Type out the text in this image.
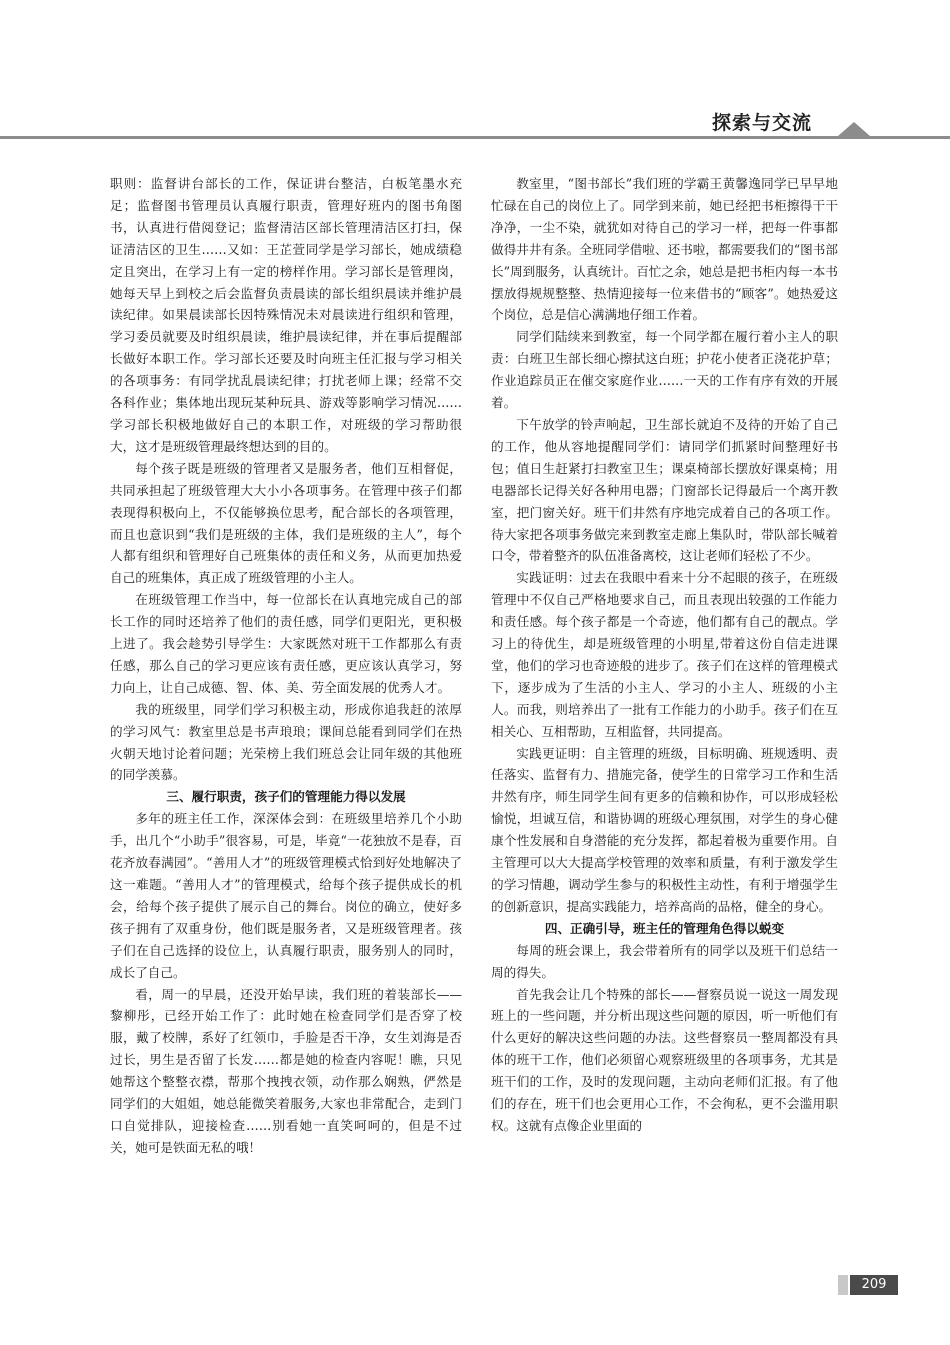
探索与交流

职则：监督讲台部长的工作，保证讲台整洁，白板笔墨水充足；监督图书管理员认真履行职责，管理好班内的图书角图书，认真进行借阅登记；监督清洁区部长管理清洁区打扫，保证清洁区的卫生……又如：王芷萱同学是学习部长，她成绩稳定且突出，在学习上有一定的榜样作用。学习部长是管理岗，她每天早上到校之后会监督负责晨读的部长组织晨读并维护晨读纪律。如果晨读部长因特殊情况未对晨读进行组织和管理，学习委员就要及时组织晨读，维护晨读纪律，并在事后提醒部长做好本职工作。学习部长还要及时向班主任汇报与学习相关的各项事务：有同学扰乱晨读纪律；打扰老师上课；经常不交各科作业；集体地出现玩某种玩具、游戏等影响学习情况……学习部长积极地做好自己的本职工作，对班级的学习帮助很大，这才是班级管理最终想达到的目的。

每个孩子既是班级的管理者又是服务者，他们互相督促，共同承担起了班级管理大大小小各项事务。在管理中孩子们都表现得积极向上，不仅能够换位思考，配合部长的各项管理，而且也意识到“我们是班级的主体，我们是班级的主人”，每个人都有组织和管理好自己班集体的责任和义务，从而更加热爱自己的班集体，真正成了班级管理的小主人。

在班级管理工作当中，每一位部长在认真地完成自己的部长工作的同时还培养了他们的责任感，同学们更阳光，更积极上进了。我会趁势引导学生：大家既然对班干工作都那么有责任感，那么自己的学习更应该有责任感，更应该认真学习，努力向上，让自己成德、智、体、美、劳全面发展的优秀人才。

我的班级里，同学们学习积极主动，形成你追我赶的浓厚的学习风气：教室里总是书声琅琅；课间总能看到同学们在热火朝天地讨论着问题；光荣榜上我们班总会让同年级的其他班的同学羡慕。

三、履行职责，孩子们的管理能力得以发展

多年的班主任工作，深深体会到：在班级里培养几个小助手，出几个“小助手”很容易，可是，毕竟“一花独放不是春，百花齐放春满园”。“善用人才”的班级管理模式恰到好处地解决了这一难题。“善用人才”的管理模式，给每个孩子提供成长的机会，给每个孩子提供了展示自己的舞台。岗位的确立，使好多孩子拥有了双重身份，他们既是服务者，又是班级管理者。孩子们在自己选择的设位上，认真履行职责，服务别人的同时，成长了自己。

看，周一的早晨，还没开始早读，我们班的着装部长——黎柳彤，已经开始工作了：此时她在检查同学们是否穿了校服，戴了校牌，系好了红领巾，手脸是否干净，女生刘海是否过长，男生是否留了长发……都是她的检查内容呢！瞧，只见她帮这个整整衣襟，帮那个拽拽衣领，动作那么娴熟，俨然是同学们的大姐姐，她总能微笑着服务,大家也非常配合，走到门口自觉排队，迎接检查……别看她一直笑呵呵的，但是不过关，她可是铁面无私的哦！

教室里，“图书部长”我们班的学霸王黄馨逸同学已早早地忙碌在自己的岗位上了。同学到来前，她已经把书柜擦得干干净净，一尘不染，就犹如对待自己的学习一样，把每一件事都做得井井有条。全班同学借啦、还书啦，都需要我们的“图书部长”周到服务，认真统计。百忙之余，她总是把书柜内每一本书摆放得规规整整、热情迎接每一位来借书的“顾客”。她热爱这个岗位，总是信心满满地仔细工作着。

同学们陆续来到教室，每一个同学都在履行着小主人的职责：白班卫生部长细心擦拭这白班；护花小使者正浇花护草；作业追踪员正在催交家庭作业……一天的工作有序有效的开展着。

下午放学的铃声响起，卫生部长就迫不及待的开始了自己的工作，他从容地提醒同学们：请同学们抓紧时间整理好书包；值日生赶紧打扫教室卫生；课桌椅部长摆放好课桌椅；用电器部长记得关好各种用电器；门窗部长记得最后一个离开教室，把门窗关好。班干们井然有序地完成着自己的各项工作。待大家把各项事务做完来到教室走廊上集队时，带队部长喊着口令，带着整齐的队伍准备离校，这让老师们轻松了不少。

实践证明：过去在我眼中看来十分不起眼的孩子，在班级管理中不仅自己严格地要求自己，而且表现出较强的工作能力和责任感。每个孩子都是一个奇迹，他们都有自己的靓点。学习上的待优生，却是班级管理的小明星,带着这份自信走进课堂，他们的学习也奇迹般的进步了。孩子们在这样的管理模式下，逐步成为了生活的小主人、学习的小主人、班级的小主人。而我，则培养出了一批有工作能力的小助手。孩子们在互相关心、互相帮助，互相监督，共同提高。

实践更证明：自主管理的班级，目标明确、班规透明、责任落实、监督有力、措施完备，使学生的日常学习工作和生活井然有序，师生同学生间有更多的信赖和协作，可以形成轻松愉悦，坦诚互信，和谐协调的班级心理氛围，对学生的身心健康个性发展和自身潜能的充分发挥，都起着极为重要作用。自主管理可以大大提高学校管理的效率和质量，有利于激发学生的学习情趣，调动学生参与的积极性主动性，有利于增强学生的创新意识，提高实践能力，培养高尚的品格，健全的身心。

四、正确引导，班主任的管理角色得以蜕变

每周的班会课上，我会带着所有的同学以及班干们总结一周的得失。

首先我会让几个特殊的部长——督察员说一说这一周发现班上的一些问题，并分析出现这些问题的原因，听一听他们有什么更好的解决这些问题的办法。这些督察员一整周都没有具体的班干工作，他们必须留心观察班级里的各项事务，尤其是班干们的工作，及时的发现问题，主动向老师们汇报。有了他们的存在，班干们也会更用心工作，不会徇私，更不会滥用职权。这就有点像企业里面的

209
